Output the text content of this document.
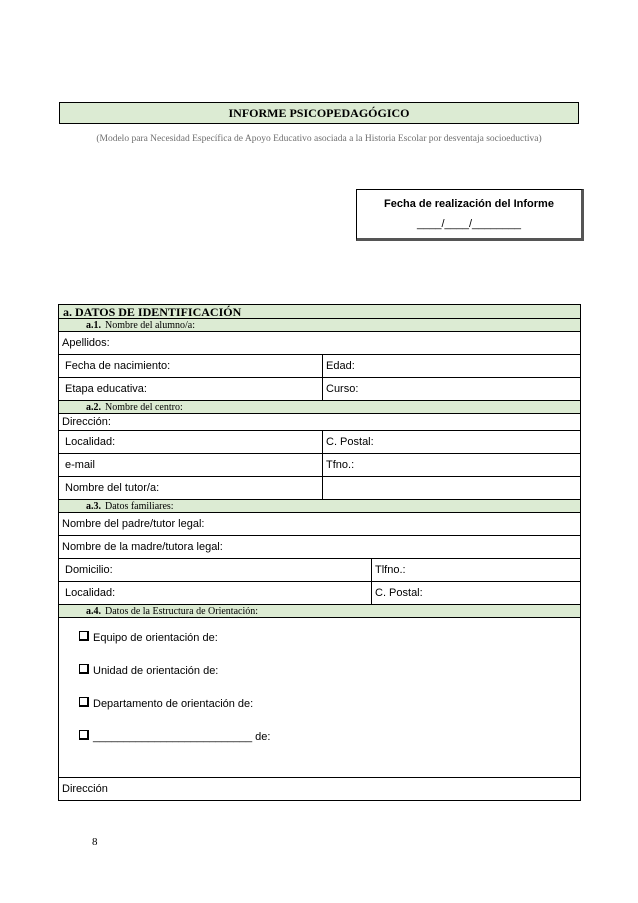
INFORME PSICOPEDAGÓGICO
(Modelo para Necesidad Específica de Apoyo Educativo asociada a la Historia Escolar por desventaja socioeductiva)
Fecha de realización del Informe
____/____/________
a. DATOS DE IDENTIFICACIÓN
a.1. Nombre del alumno/a:
Apellidos:
Fecha de nacimiento:	Edad:
Etapa educativa:	Curso:
a.2. Nombre del centro:
Dirección:
Localidad:	C. Postal:
e-mail	Tfno.:
Nombre del tutor/a:
a.3. Datos familiares:
Nombre del padre/tutor legal:
Nombre de la madre/tutora legal:
Domicilio:	Tlfno.:
Localidad:	C. Postal:
a.4. Datos de la Estructura de Orientación:
Equipo de orientación de:
Unidad de orientación de:
Departamento de orientación de:
__________________________ de:
Dirección
8
